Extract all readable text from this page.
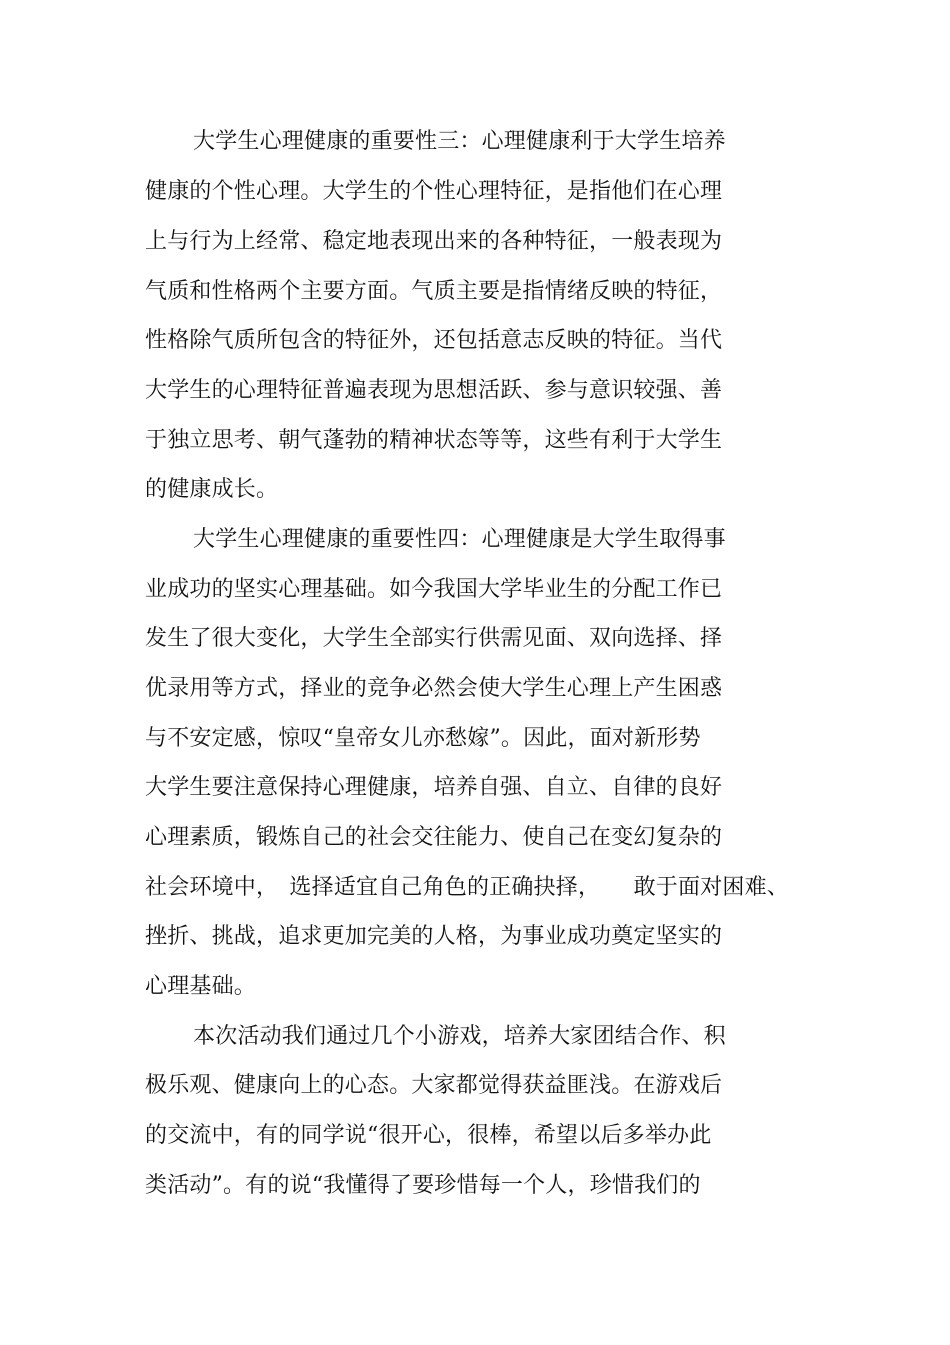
大学生心理健康的重要性三：心理健康利于大学生培养
健康的个性心理。大学生的个性心理特征，是指他们在心理
上与行为上经常、稳定地表现出来的各种特征，一般表现为
气质和性格两个主要方面。气质主要是指情绪反映的特征，
性格除气质所包含的特征外，还包括意志反映的特征。当代
大学生的心理特征普遍表现为思想活跃、参与意识较强、善
于独立思考、朝气蓬勃的精神状态等等，这些有利于大学生
的健康成长。
大学生心理健康的重要性四：心理健康是大学生取得事
业成功的坚实心理基础。如今我国大学毕业生的分配工作已
发生了很大变化，大学生全部实行供需见面、双向选择、择
优录用等方式，择业的竞争必然会使大学生心理上产生困惑
与不安定感，惊叹“皇帝女儿亦愁嫁”。因此，面对新形势
大学生要注意保持心理健康，培养自强、自立、自律的良好
心理素质，锻炼自己的社会交往能力、使自己在变幻复杂的
社会环境中，　选择适宜自己角色的正确抉择，　　敢于面对困难、
挫折、挑战，追求更加完美的人格，为事业成功奠定坚实的
心理基础。
本次活动我们通过几个小游戏，培养大家团结合作、积
极乐观、健康向上的心态。大家都觉得获益匪浅。在游戏后
的交流中，有的同学说“很开心，很棒，希望以后多举办此
类活动”。有的说“我懂得了要珍惜每一个人，珍惜我们的
